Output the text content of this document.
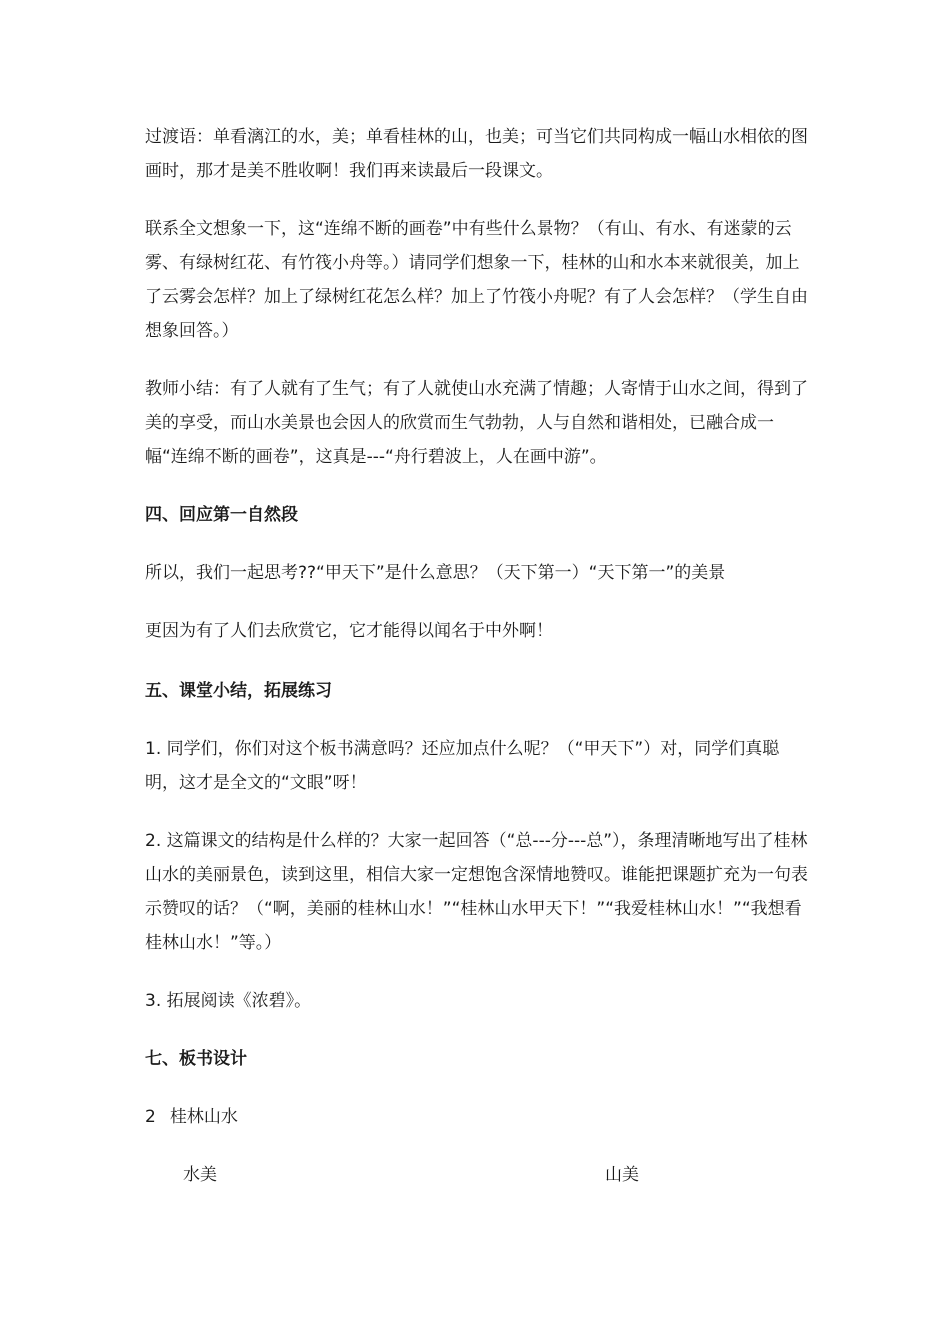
过渡语：单看漓江的水，美；单看桂林的山，也美；可当它们共同构成一幅山水相依的图画时，那才是美不胜收啊！我们再来读最后一段课文。

联系全文想象一下，这“连绵不断的画卷”中有些什么景物？（有山、有水、有迷蒙的云雾、有绿树红花、有竹筏小舟等。）请同学们想象一下，桂林的山和水本来就很美，加上了云雾会怎样？加上了绿树红花怎么样？加上了竹筏小舟呢？有了人会怎样？（学生自由想象回答。）

教师小结：有了人就有了生气；有了人就使山水充满了情趣；人寄情于山水之间，得到了美的享受，而山水美景也会因人的欣赏而生气勃勃，人与自然和谐相处，已融合成一幅“连绵不断的画卷”，这真是---“舟行碧波上，人在画中游”。

四、回应第一自然段

所以，我们一起思考??“甲天下”是什么意思？（天下第一）“天下第一”的美景

更因为有了人们去欣赏它，它才能得以闻名于中外啊！

五、课堂小结，拓展练习

1. 同学们，你们对这个板书满意吗？还应加点什么呢？（“甲天下”）对，同学们真聪明，这才是全文的“文眼”呀！

2. 这篇课文的结构是什么样的？大家一起回答（“总---分---总”），条理清晰地写出了桂林山水的美丽景色，读到这里，相信大家一定想饱含深情地赞叹。谁能把课题扩充为一句表示赞叹的话？（“啊，美丽的桂林山水！”“桂林山水甲天下！”“我爱桂林山水！”“我想看桂林山水！”等。）

3. 拓展阅读《浓碧》。

七、板书设计

2 桂林山水
水美	山美
